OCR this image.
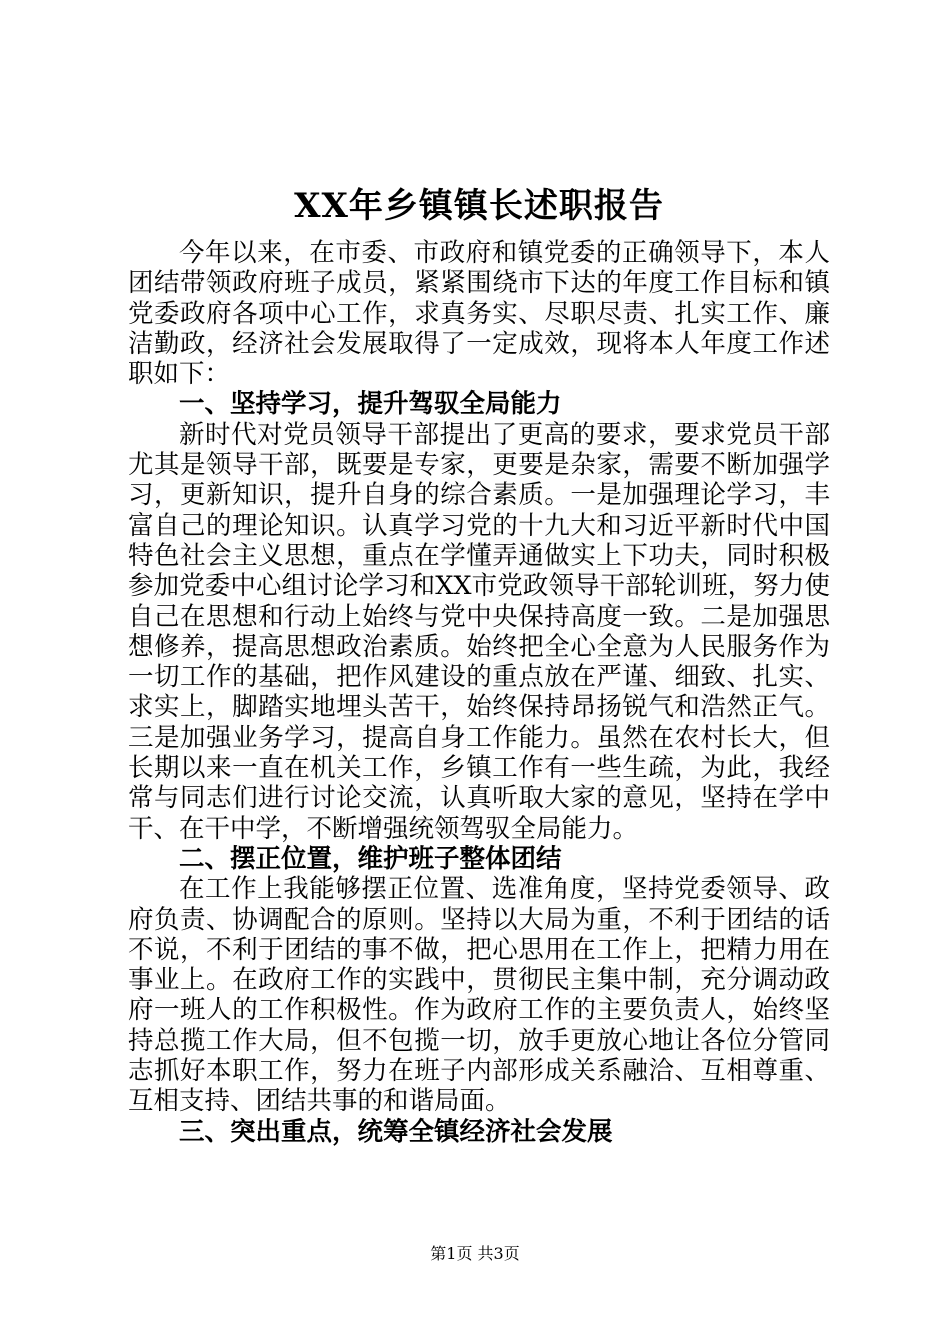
XX年乡镇镇长述职报告

今年以来，在市委、市政府和镇党委的正确领导下，本人团结带领政府班子成员，紧紧围绕市下达的年度工作目标和镇党委政府各项中心工作，求真务实、尽职尽责、扎实工作、廉洁勤政，经济社会发展取得了一定成效，现将本人年度工作述职如下：

一、坚持学习，提升驾驭全局能力

新时代对党员领导干部提出了更高的要求，要求党员干部尤其是领导干部，既要是专家，更要是杂家，需要不断加强学习，更新知识，提升自身的综合素质。一是加强理论学习，丰富自己的理论知识。认真学习党的十九大和习近平新时代中国特色社会主义思想，重点在学懂弄通做实上下功夫，同时积极参加党委中心组讨论学习和XX市党政领导干部轮训班，努力使自己在思想和行动上始终与党中央保持高度一致。二是加强思想修养，提高思想政治素质。始终把全心全意为人民服务作为一切工作的基础，把作风建设的重点放在严谨、细致、扎实、求实上，脚踏实地埋头苦干，始终保持昂扬锐气和浩然正气。三是加强业务学习，提高自身工作能力。虽然在农村长大，但长期以来一直在机关工作，乡镇工作有一些生疏，为此，我经常与同志们进行讨论交流，认真听取大家的意见，坚持在学中干、在干中学，不断增强统领驾驭全局能力。

二、摆正位置，维护班子整体团结

在工作上我能够摆正位置、选准角度，坚持党委领导、政府负责、协调配合的原则。坚持以大局为重，不利于团结的话不说，不利于团结的事不做，把心思用在工作上，把精力用在事业上。在政府工作的实践中，贯彻民主集中制，充分调动政府一班人的工作积极性。作为政府工作的主要负责人，始终坚持总揽工作大局，但不包揽一切，放手更放心地让各位分管同志抓好本职工作，努力在班子内部形成关系融洽、互相尊重、互相支持、团结共事的和谐局面。

三、突出重点，统筹全镇经济社会发展

第1页 共3页
